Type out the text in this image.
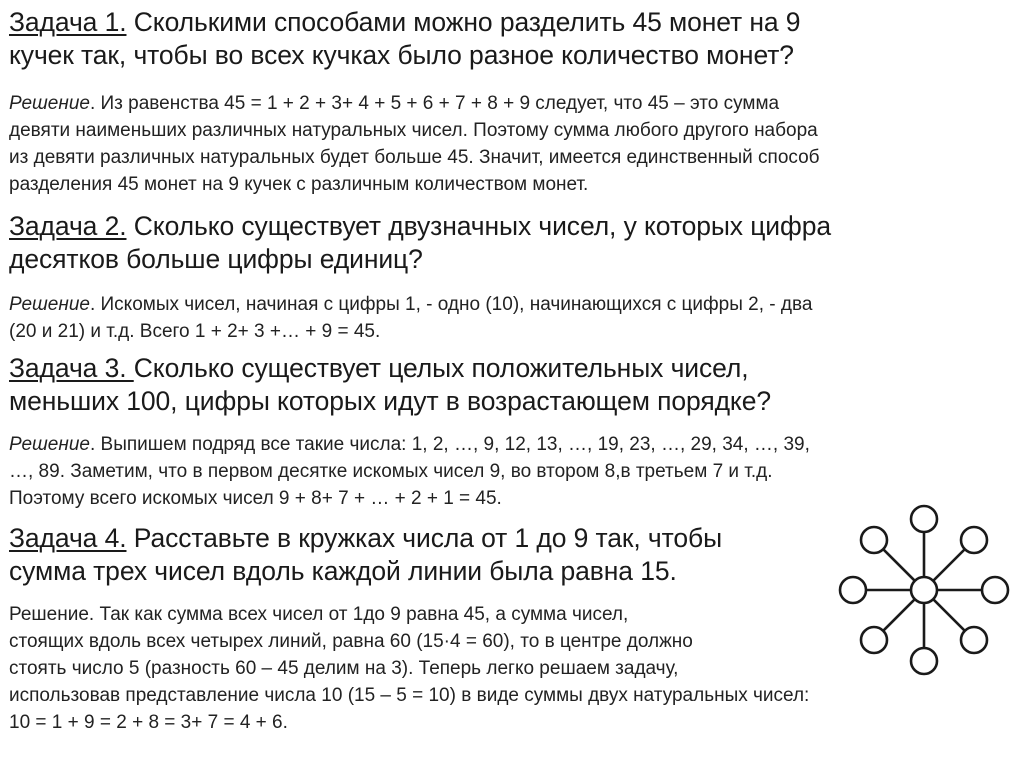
Задача 1. Сколькими способами можно разделить 45 монет на 9
кучек так, чтобы во всех кучках было разное количество монет?
Решение. Из равенства 45 = 1 + 2 + 3+ 4 + 5 + 6 + 7 + 8 + 9 следует, что 45 – это сумма
девяти наименьших различных натуральных чисел. Поэтому сумма любого другого набора
из девяти различных натуральных будет больше 45. Значит, имеется единственный способ
разделения 45 монет на 9 кучек с различным количеством монет.
Задача 2. Сколько существует двузначных чисел, у которых цифра
десятков больше цифры единиц?
Решение. Искомых чисел, начиная с цифры 1, - одно (10), начинающихся с цифры 2, - два
(20 и 21) и т.д. Всего 1 + 2+ 3 +… + 9 = 45.
Задача 3. Сколько существует целых положительных чисел,
меньших 100, цифры которых идут в возрастающем порядке?
Решение. Выпишем подряд все такие числа: 1, 2, …, 9, 12, 13, …, 19, 23, …, 29, 34, …, 39,
…, 89. Заметим, что в первом десятке искомых чисел 9, во втором 8,в третьем 7 и т.д.
Поэтому всего искомых чисел 9 + 8+ 7 + … + 2 + 1 = 45.
Задача 4. Расставьте в кружках числа от 1 до 9 так, чтобы
сумма трех чисел вдоль каждой линии была равна 15.
Решение. Так как сумма всех чисел от 1до 9 равна 45, а сумма чисел,
стоящих вдоль всех четырех линий, равна 60 (15·4 = 60), то в центре должно
стоять число 5 (разность 60 – 45 делим на 3). Теперь легко решаем задачу,
использовав представление числа 10 (15 – 5 = 10) в виде суммы двух натуральных чисел:
10 = 1 + 9 = 2 + 8 = 3+ 7 = 4 + 6.
